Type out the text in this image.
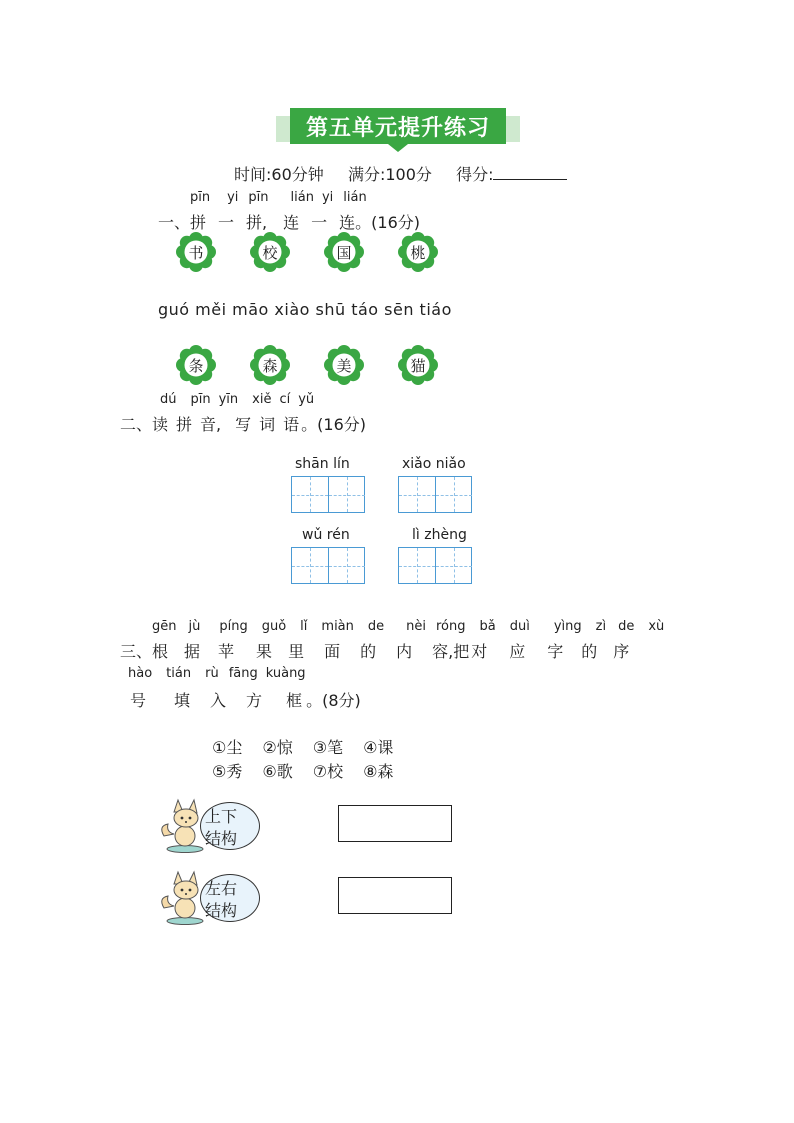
第五单元提升练习
时间:60分钟 满分:100分 得分:
pīn yi pīn lián yi lián
一、拼 一 拼, 连 一 连。(16分)
书	校	国	桃
guó měi māo xiào shū táo sēn tiáo
条	森	美	猫
dú pīn yīn xiě cí yǔ
二、读 拼 音, 写 词 语 。(16分)
shān lín	xiǎo niǎo
wǔ rén	lì zhèng
gēn jù píng guǒ lǐ miàn de nèi róng bǎ duì yìng zì de xù
三、根 据 苹 果 里 面 的 内 容,把 对 应 字 的 序
hào tián rù fāng kuàng
号 填 入 方 框 。(8分)
①尘 ②惊 ③笔 ④课
⑤秀 ⑥歌 ⑦校 ⑧森
上下
结构
左右
结构
